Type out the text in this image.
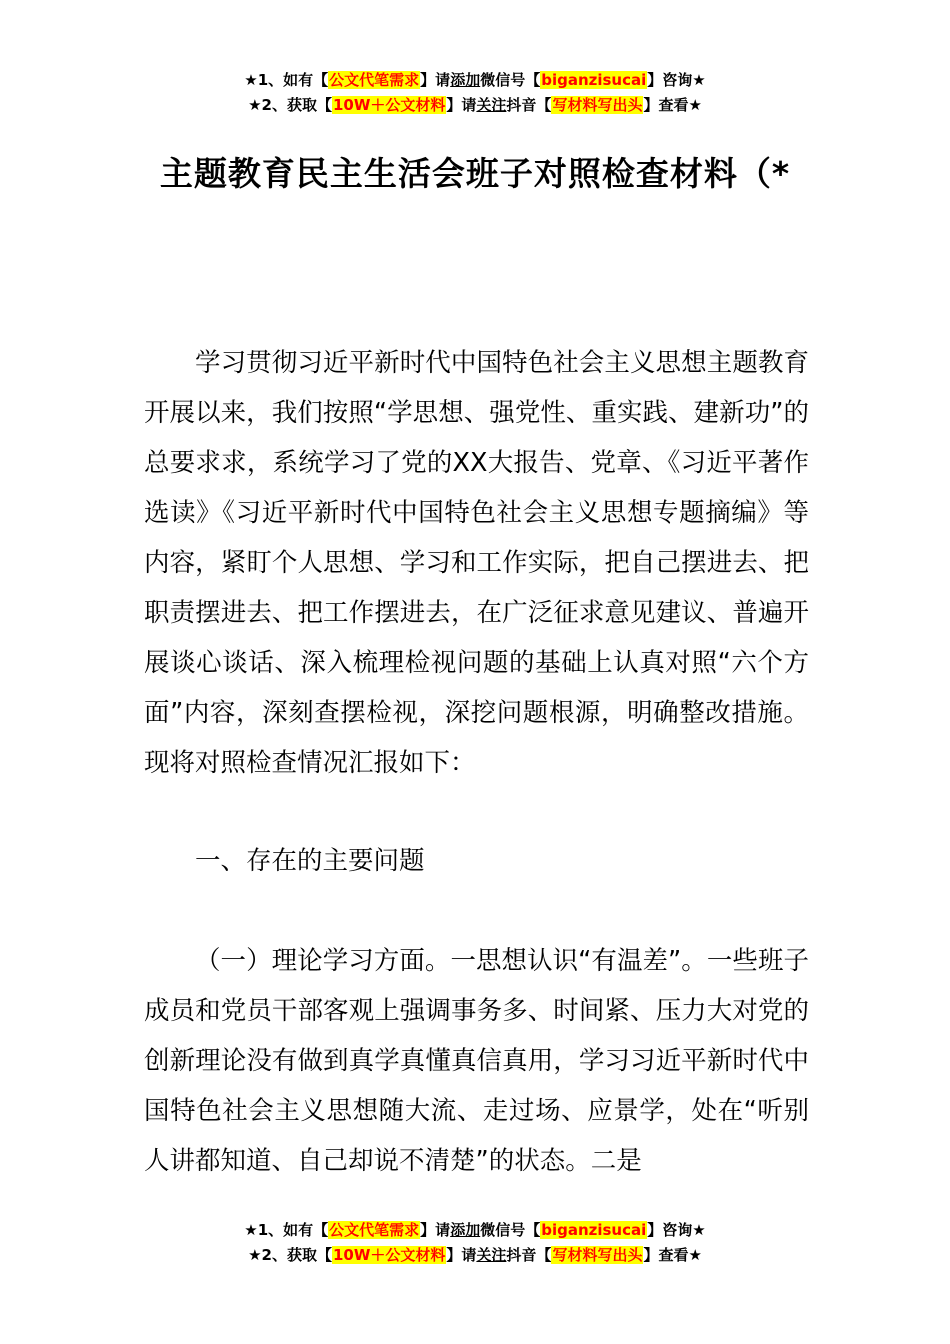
★1、如有【公文代笔需求】请添加微信号【biganzisucai】咨询★
★2、获取【10W＋公文材料】请关注抖音【写材料写出头】查看★
主题教育民主生活会班子对照检查材料（*

学习贯彻习近平新时代中国特色社会主义思想主题教育开展以来，我们按照“学思想、强党性、重实践、建新功”的总要求求，系统学习了党的XX大报告、党章、《习近平著作选读》《习近平新时代中国特色社会主义思想专题摘编》等内容，紧盯个人思想、学习和工作实际，把自己摆进去、把职责摆进去、把工作摆进去，在广泛征求意见建议、普遍开展谈心谈话、深入梳理检视问题的基础上认真对照“六个方面”内容，深刻查摆检视，深挖问题根源，明确整改措施。现将对照检查情况汇报如下：

一、存在的主要问题

（一）理论学习方面。一思想认识“有温差”。一些班子成员和党员干部客观上强调事务多、时间紧、压力大对党的创新理论没有做到真学真懂真信真用，学习习近平新时代中国特色社会主义思想随大流、走过场、应景学，处在“听别人讲都知道、自己却说不清楚”的状态。二是

★1、如有【公文代笔需求】请添加微信号【biganzisucai】咨询★
★2、获取【10W＋公文材料】请关注抖音【写材料写出头】查看★
